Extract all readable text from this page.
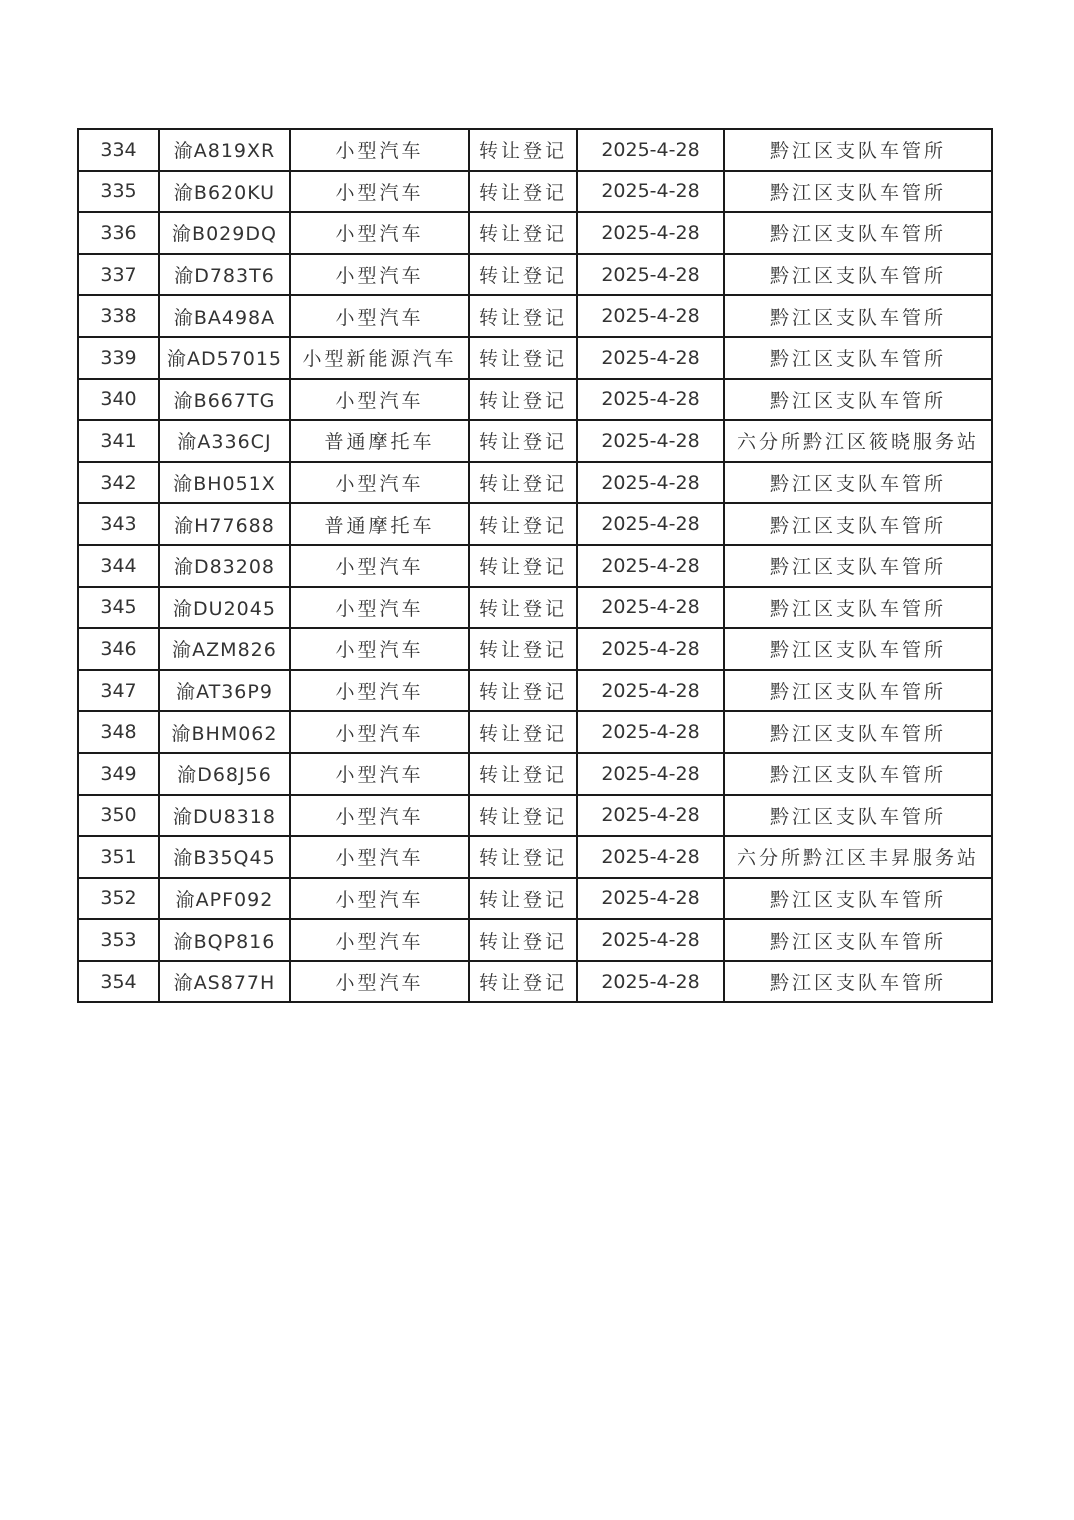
334	渝A819XR	小型汽车	转让登记	2025-4-28	黔江区支队车管所
335	渝B620KU	小型汽车	转让登记	2025-4-28	黔江区支队车管所
336	渝B029DQ	小型汽车	转让登记	2025-4-28	黔江区支队车管所
337	渝D783T6	小型汽车	转让登记	2025-4-28	黔江区支队车管所
338	渝BA498A	小型汽车	转让登记	2025-4-28	黔江区支队车管所
339	渝AD57015	小型新能源汽车	转让登记	2025-4-28	黔江区支队车管所
340	渝B667TG	小型汽车	转让登记	2025-4-28	黔江区支队车管所
341	渝A336CJ	普通摩托车	转让登记	2025-4-28	六分所黔江区筱晓服务站
342	渝BH051X	小型汽车	转让登记	2025-4-28	黔江区支队车管所
343	渝H77688	普通摩托车	转让登记	2025-4-28	黔江区支队车管所
344	渝D83208	小型汽车	转让登记	2025-4-28	黔江区支队车管所
345	渝DU2045	小型汽车	转让登记	2025-4-28	黔江区支队车管所
346	渝AZM826	小型汽车	转让登记	2025-4-28	黔江区支队车管所
347	渝AT36P9	小型汽车	转让登记	2025-4-28	黔江区支队车管所
348	渝BHM062	小型汽车	转让登记	2025-4-28	黔江区支队车管所
349	渝D68J56	小型汽车	转让登记	2025-4-28	黔江区支队车管所
350	渝DU8318	小型汽车	转让登记	2025-4-28	黔江区支队车管所
351	渝B35Q45	小型汽车	转让登记	2025-4-28	六分所黔江区丰昇服务站
352	渝APF092	小型汽车	转让登记	2025-4-28	黔江区支队车管所
353	渝BQP816	小型汽车	转让登记	2025-4-28	黔江区支队车管所
354	渝AS877H	小型汽车	转让登记	2025-4-28	黔江区支队车管所
